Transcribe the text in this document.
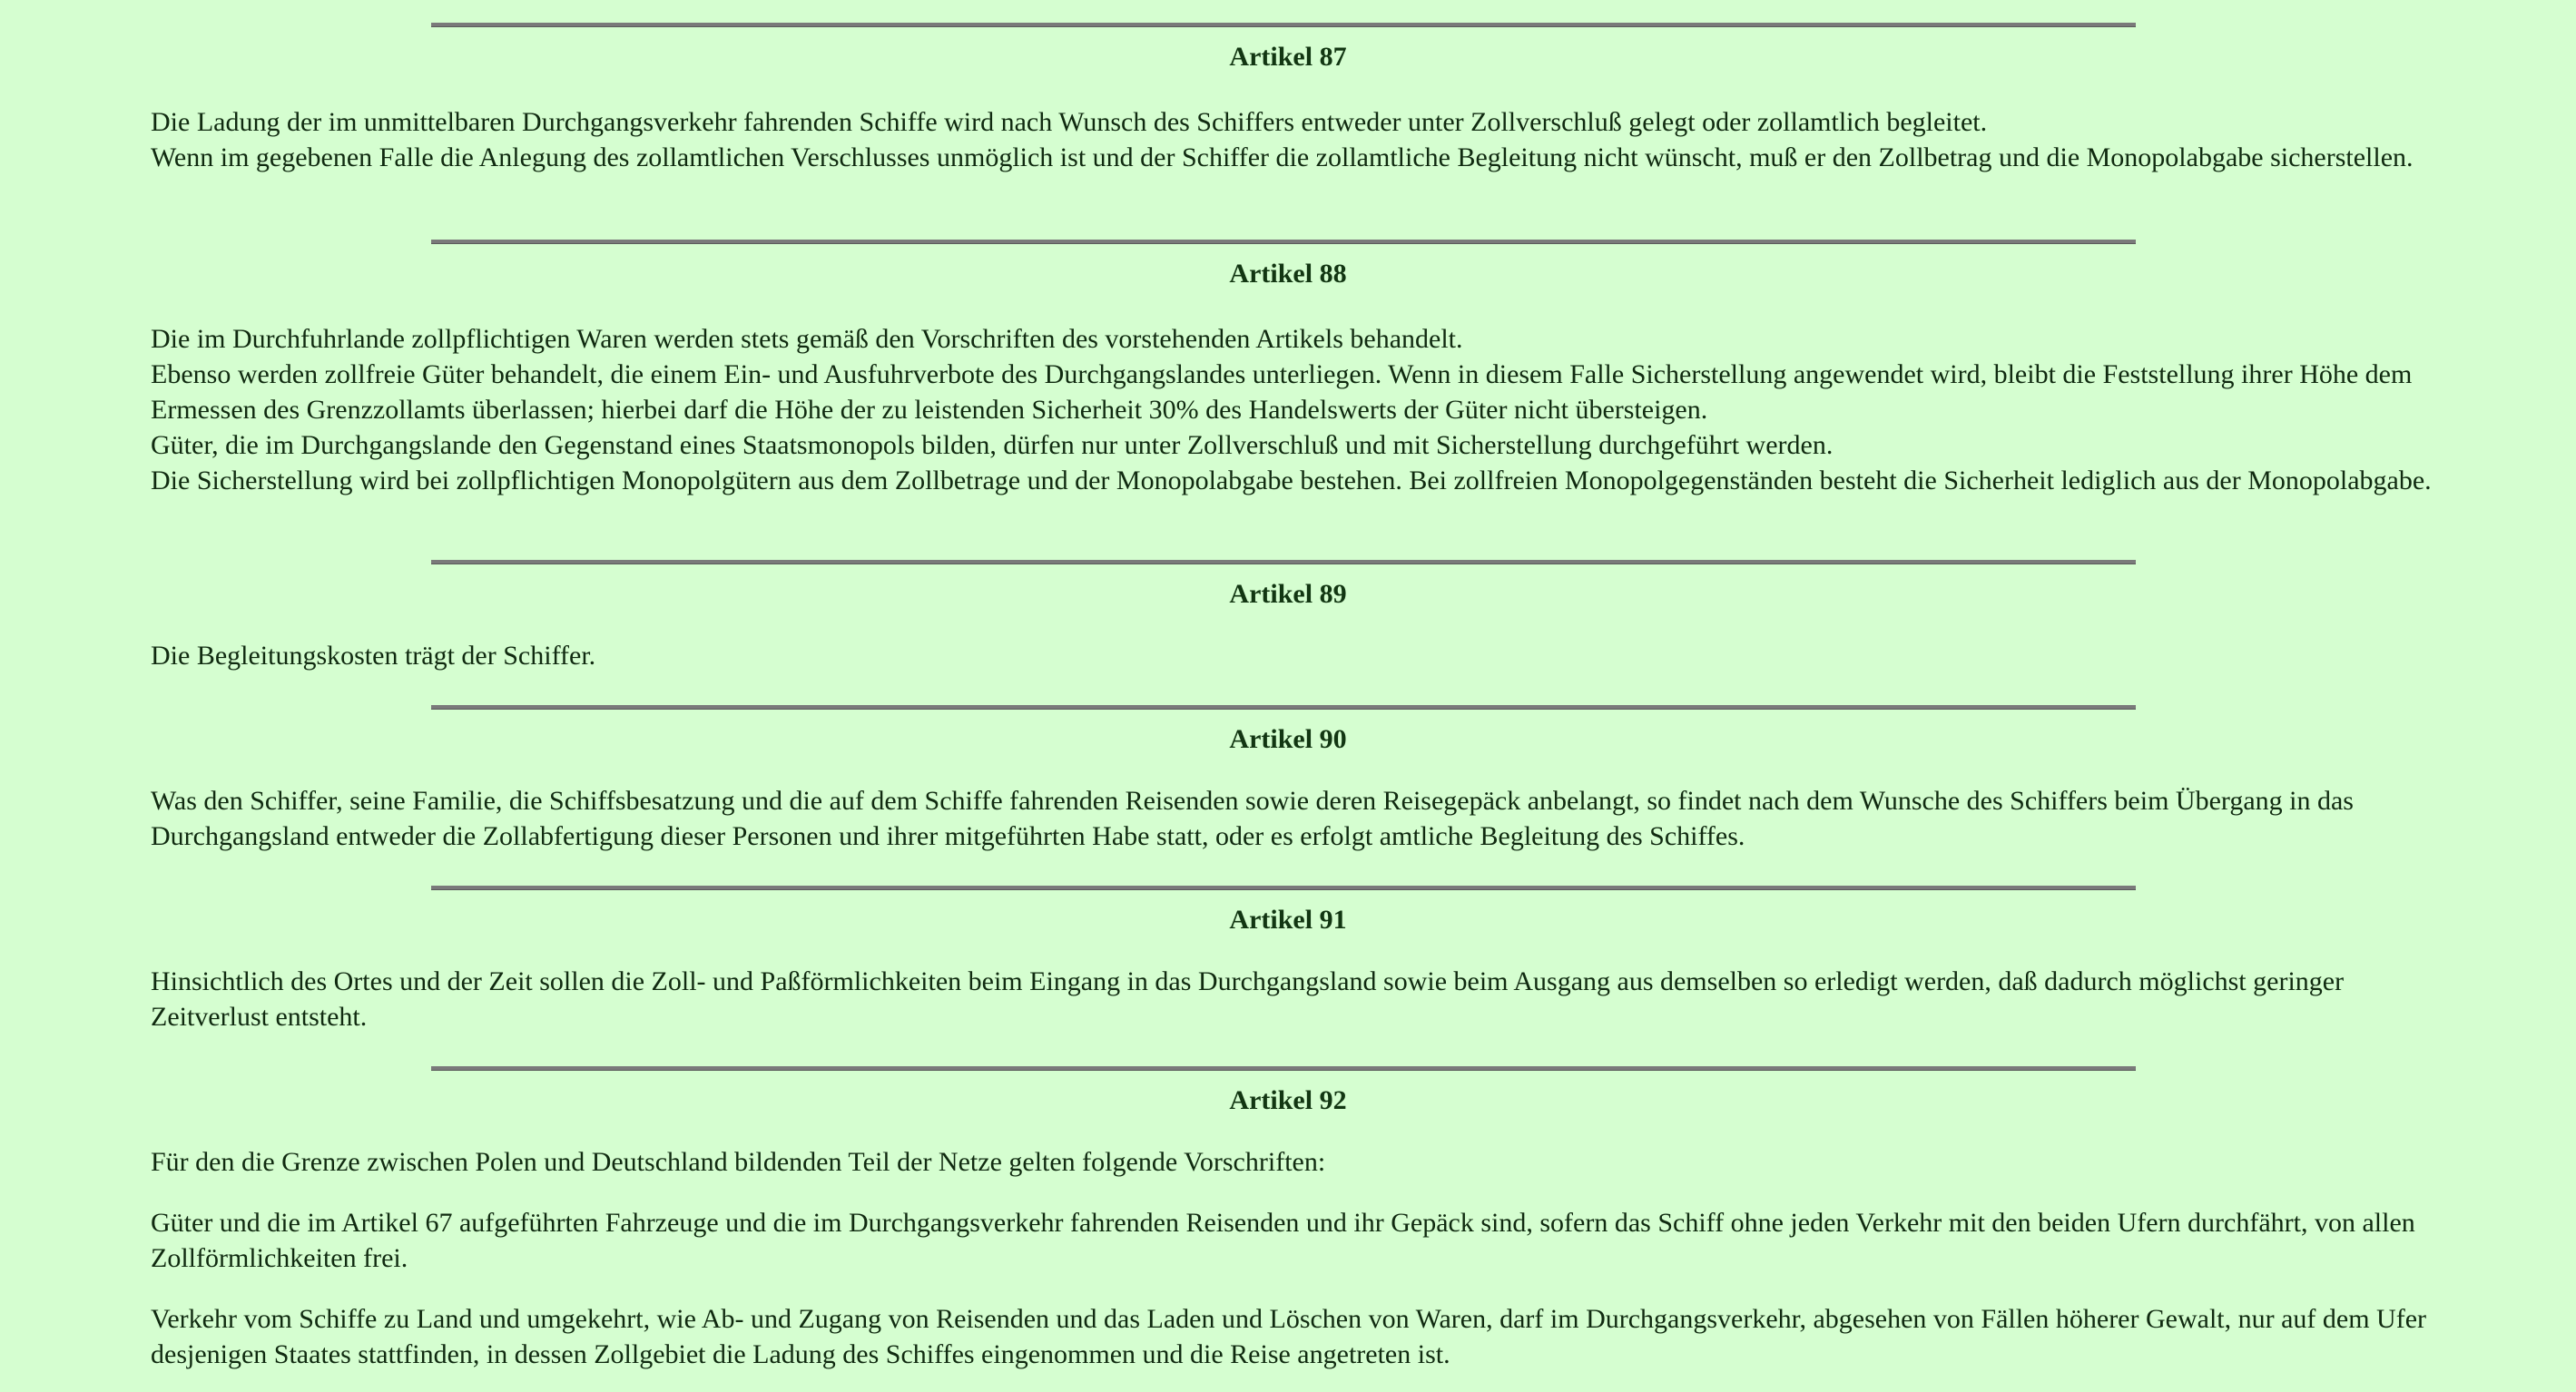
Artikel 87

Die Ladung der im unmittelbaren Durchgangsverkehr fahrenden Schiffe wird nach Wunsch des Schiffers entweder unter Zollverschluß gelegt oder zollamtlich begleitet.

Wenn im gegebenen Falle die Anlegung des zollamtlichen Verschlusses unmöglich ist und der Schiffer die zollamtliche Begleitung nicht wünscht, muß er den Zollbetrag und die Monopolabgabe sicherstellen.

Artikel 88

Die im Durchfuhrlande zollpflichtigen Waren werden stets gemäß den Vorschriften des vorstehenden Artikels behandelt.

Ebenso werden zollfreie Güter behandelt, die einem Ein- und Ausfuhrverbote des Durchgangslandes unterliegen. Wenn in diesem Falle Sicherstellung angewendet wird, bleibt die Feststellung ihrer Höhe dem Ermessen des Grenzzollamts überlassen; hierbei darf die Höhe der zu leistenden Sicherheit 30% des Handelswerts der Güter nicht übersteigen.

Güter, die im Durchgangslande den Gegenstand eines Staatsmonopols bilden, dürfen nur unter Zollverschluß und mit Sicherstellung durchgeführt werden.

Die Sicherstellung wird bei zollpflichtigen Monopolgütern aus dem Zollbetrage und der Monopolabgabe bestehen. Bei zollfreien Monopolgegenständen besteht die Sicherheit lediglich aus der Monopolabgabe.

Artikel 89

Die Begleitungskosten trägt der Schiffer.

Artikel 90

Was den Schiffer, seine Familie, die Schiffsbesatzung und die auf dem Schiffe fahrenden Reisenden sowie deren Reisegepäck anbelangt, so findet nach dem Wunsche des Schiffers beim Übergang in das Durchgangsland entweder die Zollabfertigung dieser Personen und ihrer mitgeführten Habe statt, oder es erfolgt amtliche Begleitung des Schiffes.

Artikel 91

Hinsichtlich des Ortes und der Zeit sollen die Zoll- und Paßförmlichkeiten beim Eingang in das Durchgangsland sowie beim Ausgang aus demselben so erledigt werden, daß dadurch möglichst geringer Zeitverlust entsteht.

Artikel 92

Für den die Grenze zwischen Polen und Deutschland bildenden Teil der Netze gelten folgende Vorschriften:

Güter und die im Artikel 67 aufgeführten Fahrzeuge und die im Durchgangsverkehr fahrenden Reisenden und ihr Gepäck sind, sofern das Schiff ohne jeden Verkehr mit den beiden Ufern durchfährt, von allen Zollförmlichkeiten frei.

Verkehr vom Schiffe zu Land und umgekehrt, wie Ab- und Zugang von Reisenden und das Laden und Löschen von Waren, darf im Durchgangsverkehr, abgesehen von Fällen höherer Gewalt, nur auf dem Ufer desjenigen Staates stattfinden, in dessen Zollgebiet die Ladung des Schiffes eingenommen und die Reise angetreten ist.
